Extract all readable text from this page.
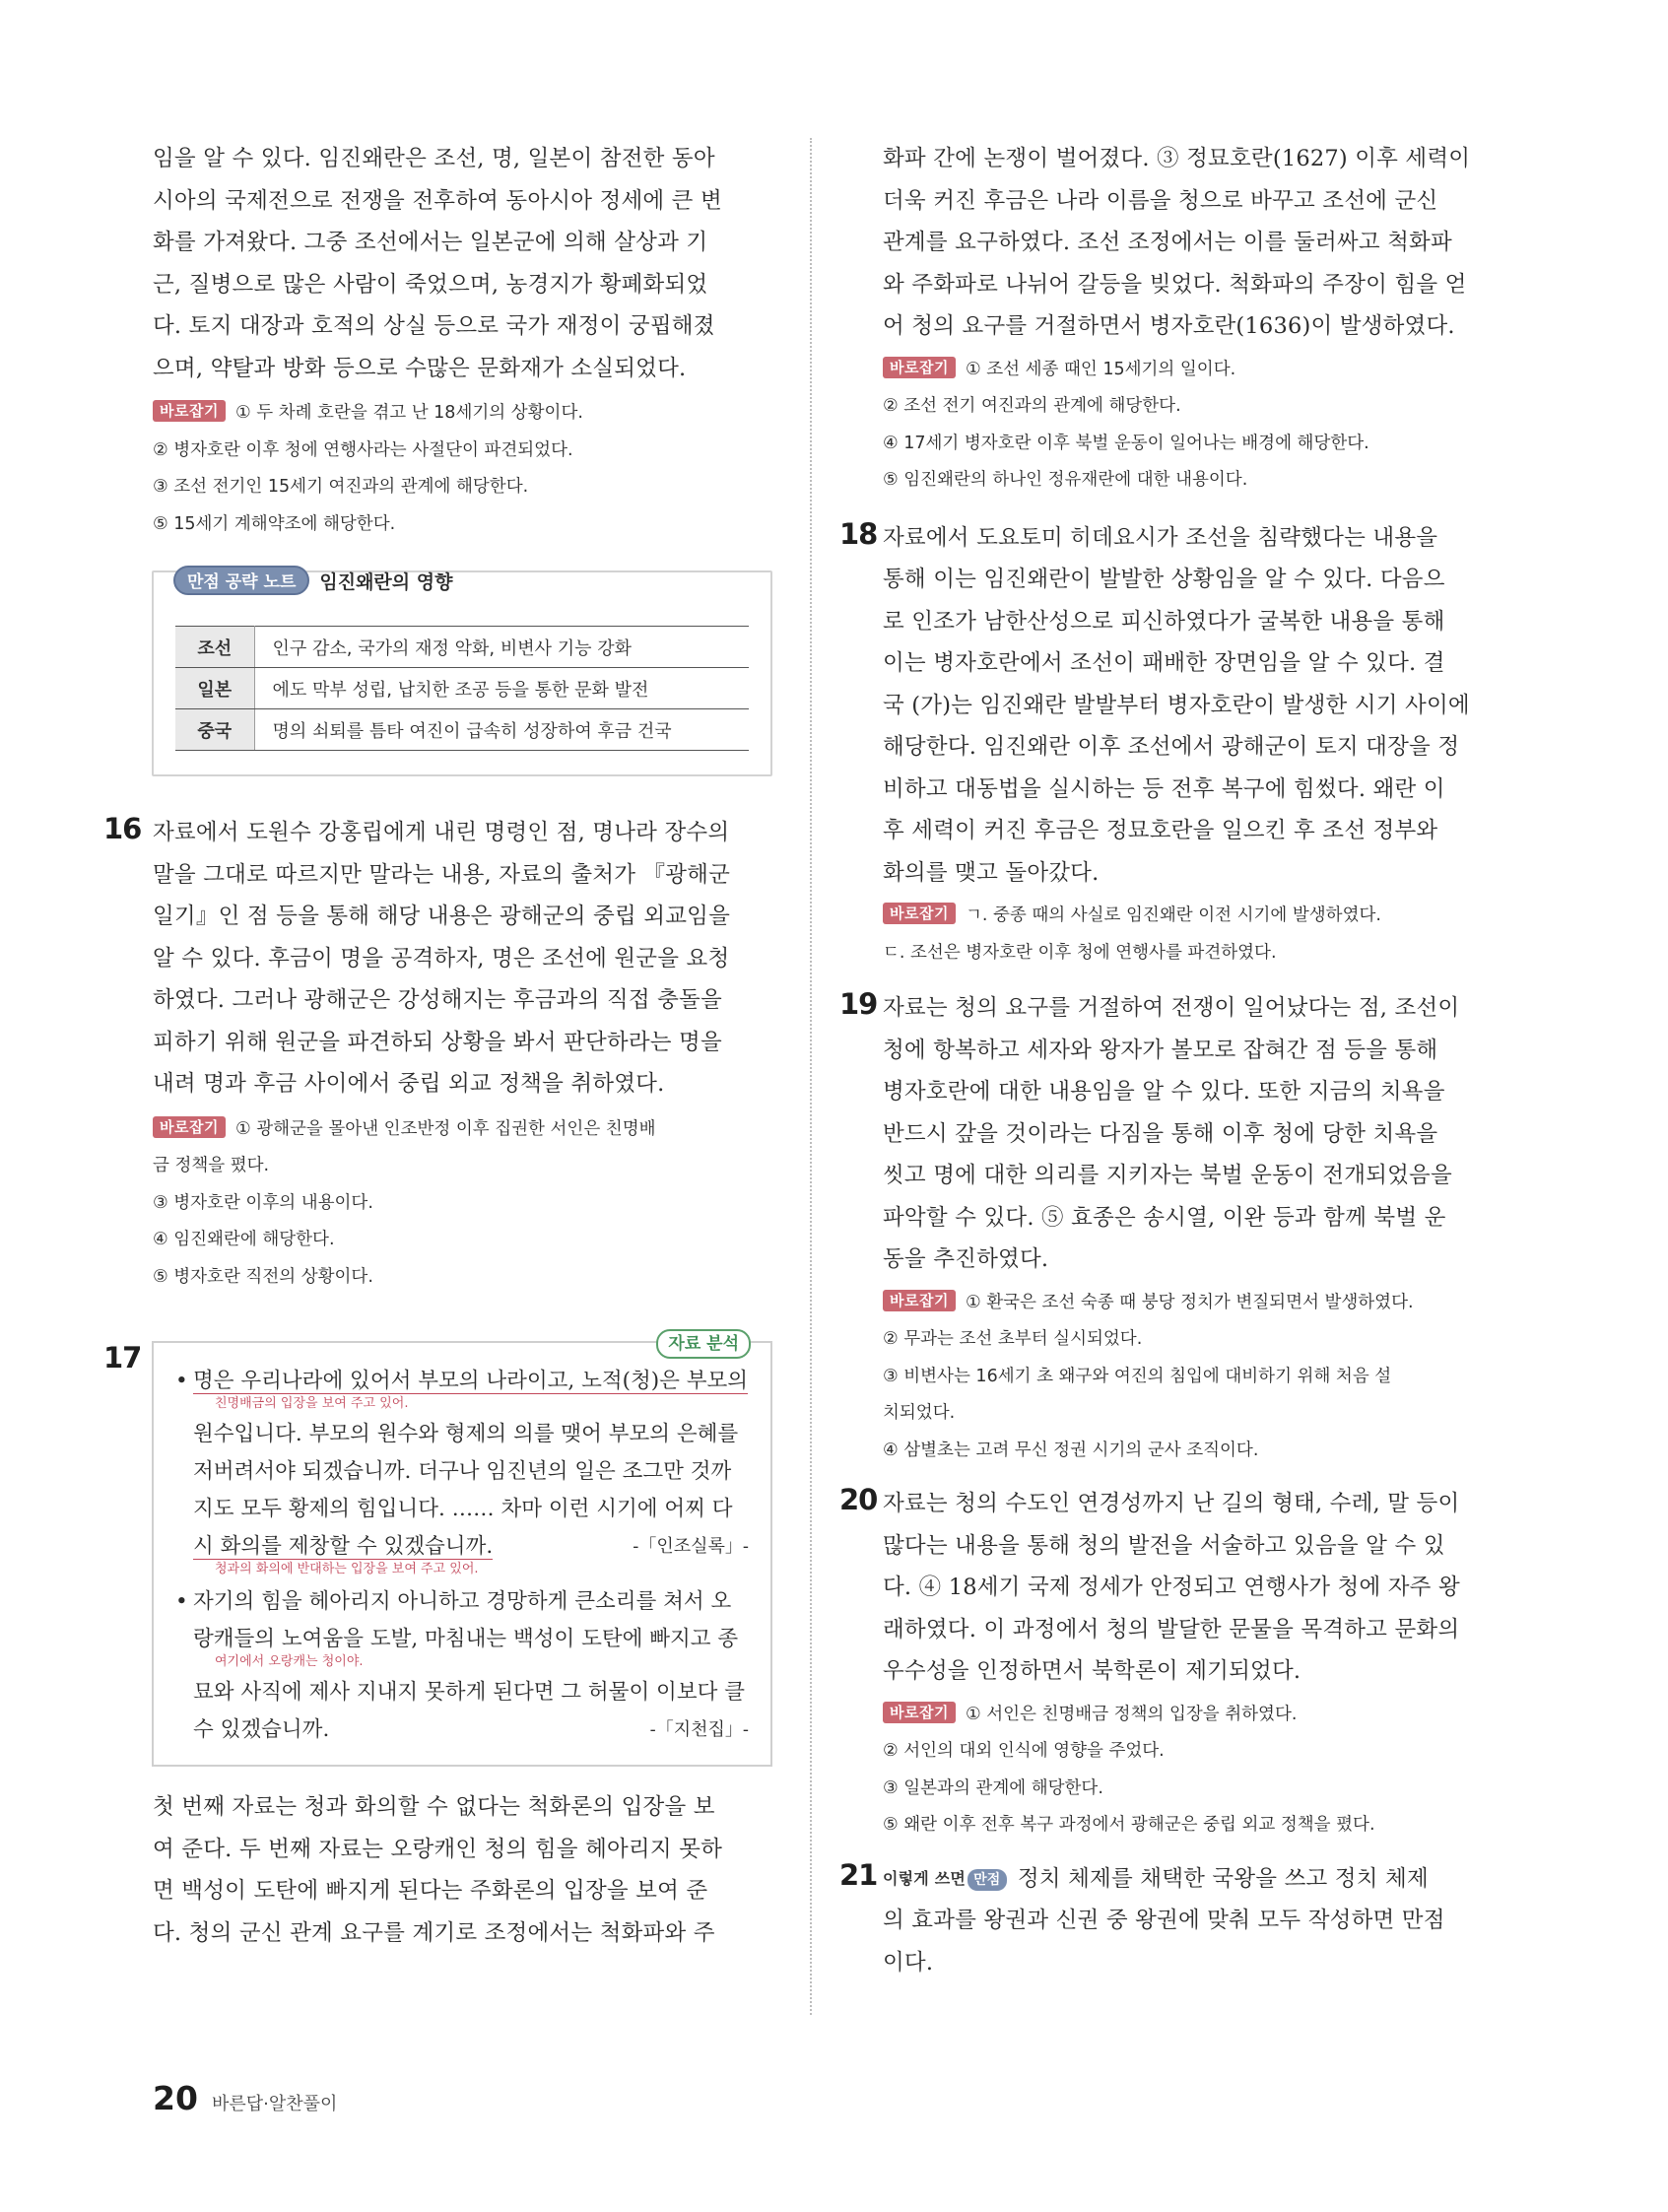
임을 알 수 있다. 임진왜란은 조선, 명, 일본이 참전한 동아

시아의 국제전으로 전쟁을 전후하여 동아시아 정세에 큰 변

화를 가져왔다. 그중 조선에서는 일본군에 의해 살상과 기

근, 질병으로 많은 사람이 죽었으며, 농경지가 황폐화되었

다. 토지 대장과 호적의 상실 등으로 국가 재정이 궁핍해졌

으며, 약탈과 방화 등으로 수많은 문화재가 소실되었다.

바로잡기 ① 두 차례 호란을 겪고 난 18세기의 상황이다.
② 병자호란 이후 청에 연행사라는 사절단이 파견되었다.
③ 조선 전기인 15세기 여진과의 관계에 해당한다.
⑤ 15세기 계해약조에 해당한다.
만점 공략 노트	임진왜란의 영향
조선	인구 감소, 국가의 재정 악화, 비변사 기능 강화
일본	에도 막부 성립, 납치한 조공 등을 통한 문화 발전
중국	명의 쇠퇴를 틈타 여진이 급속히 성장하여 후금 건국
16 자료에서 도원수 강홍립에게 내린 명령인 점, 명나라 장수의

말을 그대로 따르지만 말라는 내용, 자료의 출처가 『광해군

일기』인 점 등을 통해 해당 내용은 광해군의 중립 외교임을

알 수 있다. 후금이 명을 공격하자, 명은 조선에 원군을 요청

하였다. 그러나 광해군은 강성해지는 후금과의 직접 충돌을

피하기 위해 원군을 파견하되 상황을 봐서 판단하라는 명을

내려 명과 후금 사이에서 중립 외교 정책을 취하였다.

바로잡기 ① 광해군을 몰아낸 인조반정 이후 집권한 서인은 친명배
금 정책을 폈다.
③ 병자호란 이후의 내용이다.
④ 임진왜란에 해당한다.
⑤ 병자호란 직전의 상황이다.
17	자료 분석
• 명은 우리나라에 있어서 부모의 나라이고, 노적(청)은 부모의
친명배금의 입장을 보여 주고 있어.
원수입니다. 부모의 원수와 형제의 의를 맺어 부모의 은혜를
저버려서야 되겠습니까. 더구나 임진년의 일은 조그만 것까
지도 모두 황제의 힘입니다. …… 차마 이런 시기에 어찌 다
시 화의를 제창할 수 있겠습니까.	-「인조실록」-
청과의 화의에 반대하는 입장을 보여 주고 있어.
• 자기의 힘을 헤아리지 아니하고 경망하게 큰소리를 쳐서 오
랑캐들의 노여움을 도발, 마침내는 백성이 도탄에 빠지고 종
여기에서 오랑캐는 청이야.
묘와 사직에 제사 지내지 못하게 된다면 그 허물이 이보다 클
수 있겠습니까.	-「지천집」-

첫 번째 자료는 청과 화의할 수 없다는 척화론의 입장을 보

여 준다. 두 번째 자료는 오랑캐인 청의 힘을 헤아리지 못하

면 백성이 도탄에 빠지게 된다는 주화론의 입장을 보여 준

다. 청의 군신 관계 요구를 계기로 조정에서는 척화파와 주

화파 간에 논쟁이 벌어졌다. ③ 정묘호란(1627) 이후 세력이

더욱 커진 후금은 나라 이름을 청으로 바꾸고 조선에 군신

관계를 요구하였다. 조선 조정에서는 이를 둘러싸고 척화파

와 주화파로 나뉘어 갈등을 빚었다. 척화파의 주장이 힘을 얻

어 청의 요구를 거절하면서 병자호란(1636)이 발생하였다.

바로잡기 ① 조선 세종 때인 15세기의 일이다.
② 조선 전기 여진과의 관계에 해당한다.
④ 17세기 병자호란 이후 북벌 운동이 일어나는 배경에 해당한다.
⑤ 임진왜란의 하나인 정유재란에 대한 내용이다.
18 자료에서 도요토미 히데요시가 조선을 침략했다는 내용을

통해 이는 임진왜란이 발발한 상황임을 알 수 있다. 다음으

로 인조가 남한산성으로 피신하였다가 굴복한 내용을 통해

이는 병자호란에서 조선이 패배한 장면임을 알 수 있다. 결

국 (가)는 임진왜란 발발부터 병자호란이 발생한 시기 사이에

해당한다. 임진왜란 이후 조선에서 광해군이 토지 대장을 정

비하고 대동법을 실시하는 등 전후 복구에 힘썼다. 왜란 이

후 세력이 커진 후금은 정묘호란을 일으킨 후 조선 정부와

화의를 맺고 돌아갔다.

바로잡기 ㄱ. 중종 때의 사실로 임진왜란 이전 시기에 발생하였다.
ㄷ. 조선은 병자호란 이후 청에 연행사를 파견하였다.
19 자료는 청의 요구를 거절하여 전쟁이 일어났다는 점, 조선이

청에 항복하고 세자와 왕자가 볼모로 잡혀간 점 등을 통해

병자호란에 대한 내용임을 알 수 있다. 또한 지금의 치욕을

반드시 갚을 것이라는 다짐을 통해 이후 청에 당한 치욕을

씻고 명에 대한 의리를 지키자는 북벌 운동이 전개되었음을

파악할 수 있다. ⑤ 효종은 송시열, 이완 등과 함께 북벌 운

동을 추진하였다.

바로잡기 ① 환국은 조선 숙종 때 붕당 정치가 변질되면서 발생하였다.
② 무과는 조선 초부터 실시되었다.
③ 비변사는 16세기 초 왜구와 여진의 침입에 대비하기 위해 처음 설
치되었다.
④ 삼별초는 고려 무신 정권 시기의 군사 조직이다.
20 자료는 청의 수도인 연경성까지 난 길의 형태, 수레, 말 등이

많다는 내용을 통해 청의 발전을 서술하고 있음을 알 수 있

다. ④ 18세기 국제 정세가 안정되고 연행사가 청에 자주 왕

래하였다. 이 과정에서 청의 발달한 문물을 목격하고 문화의

우수성을 인정하면서 북학론이 제기되었다.

바로잡기 ① 서인은 친명배금 정책의 입장을 취하였다.
② 서인의 대외 인식에 영향을 주었다.
③ 일본과의 관계에 해당한다.
⑤ 왜란 이후 전후 복구 과정에서 광해군은 중립 외교 정책을 폈다.
21 이렇게 쓰면 만점 정치 체제를 채택한 국왕을 쓰고 정치 체제

의 효과를 왕권과 신권 중 왕권에 맞춰 모두 작성하면 만점

이다.

20 바른답·알찬풀이
